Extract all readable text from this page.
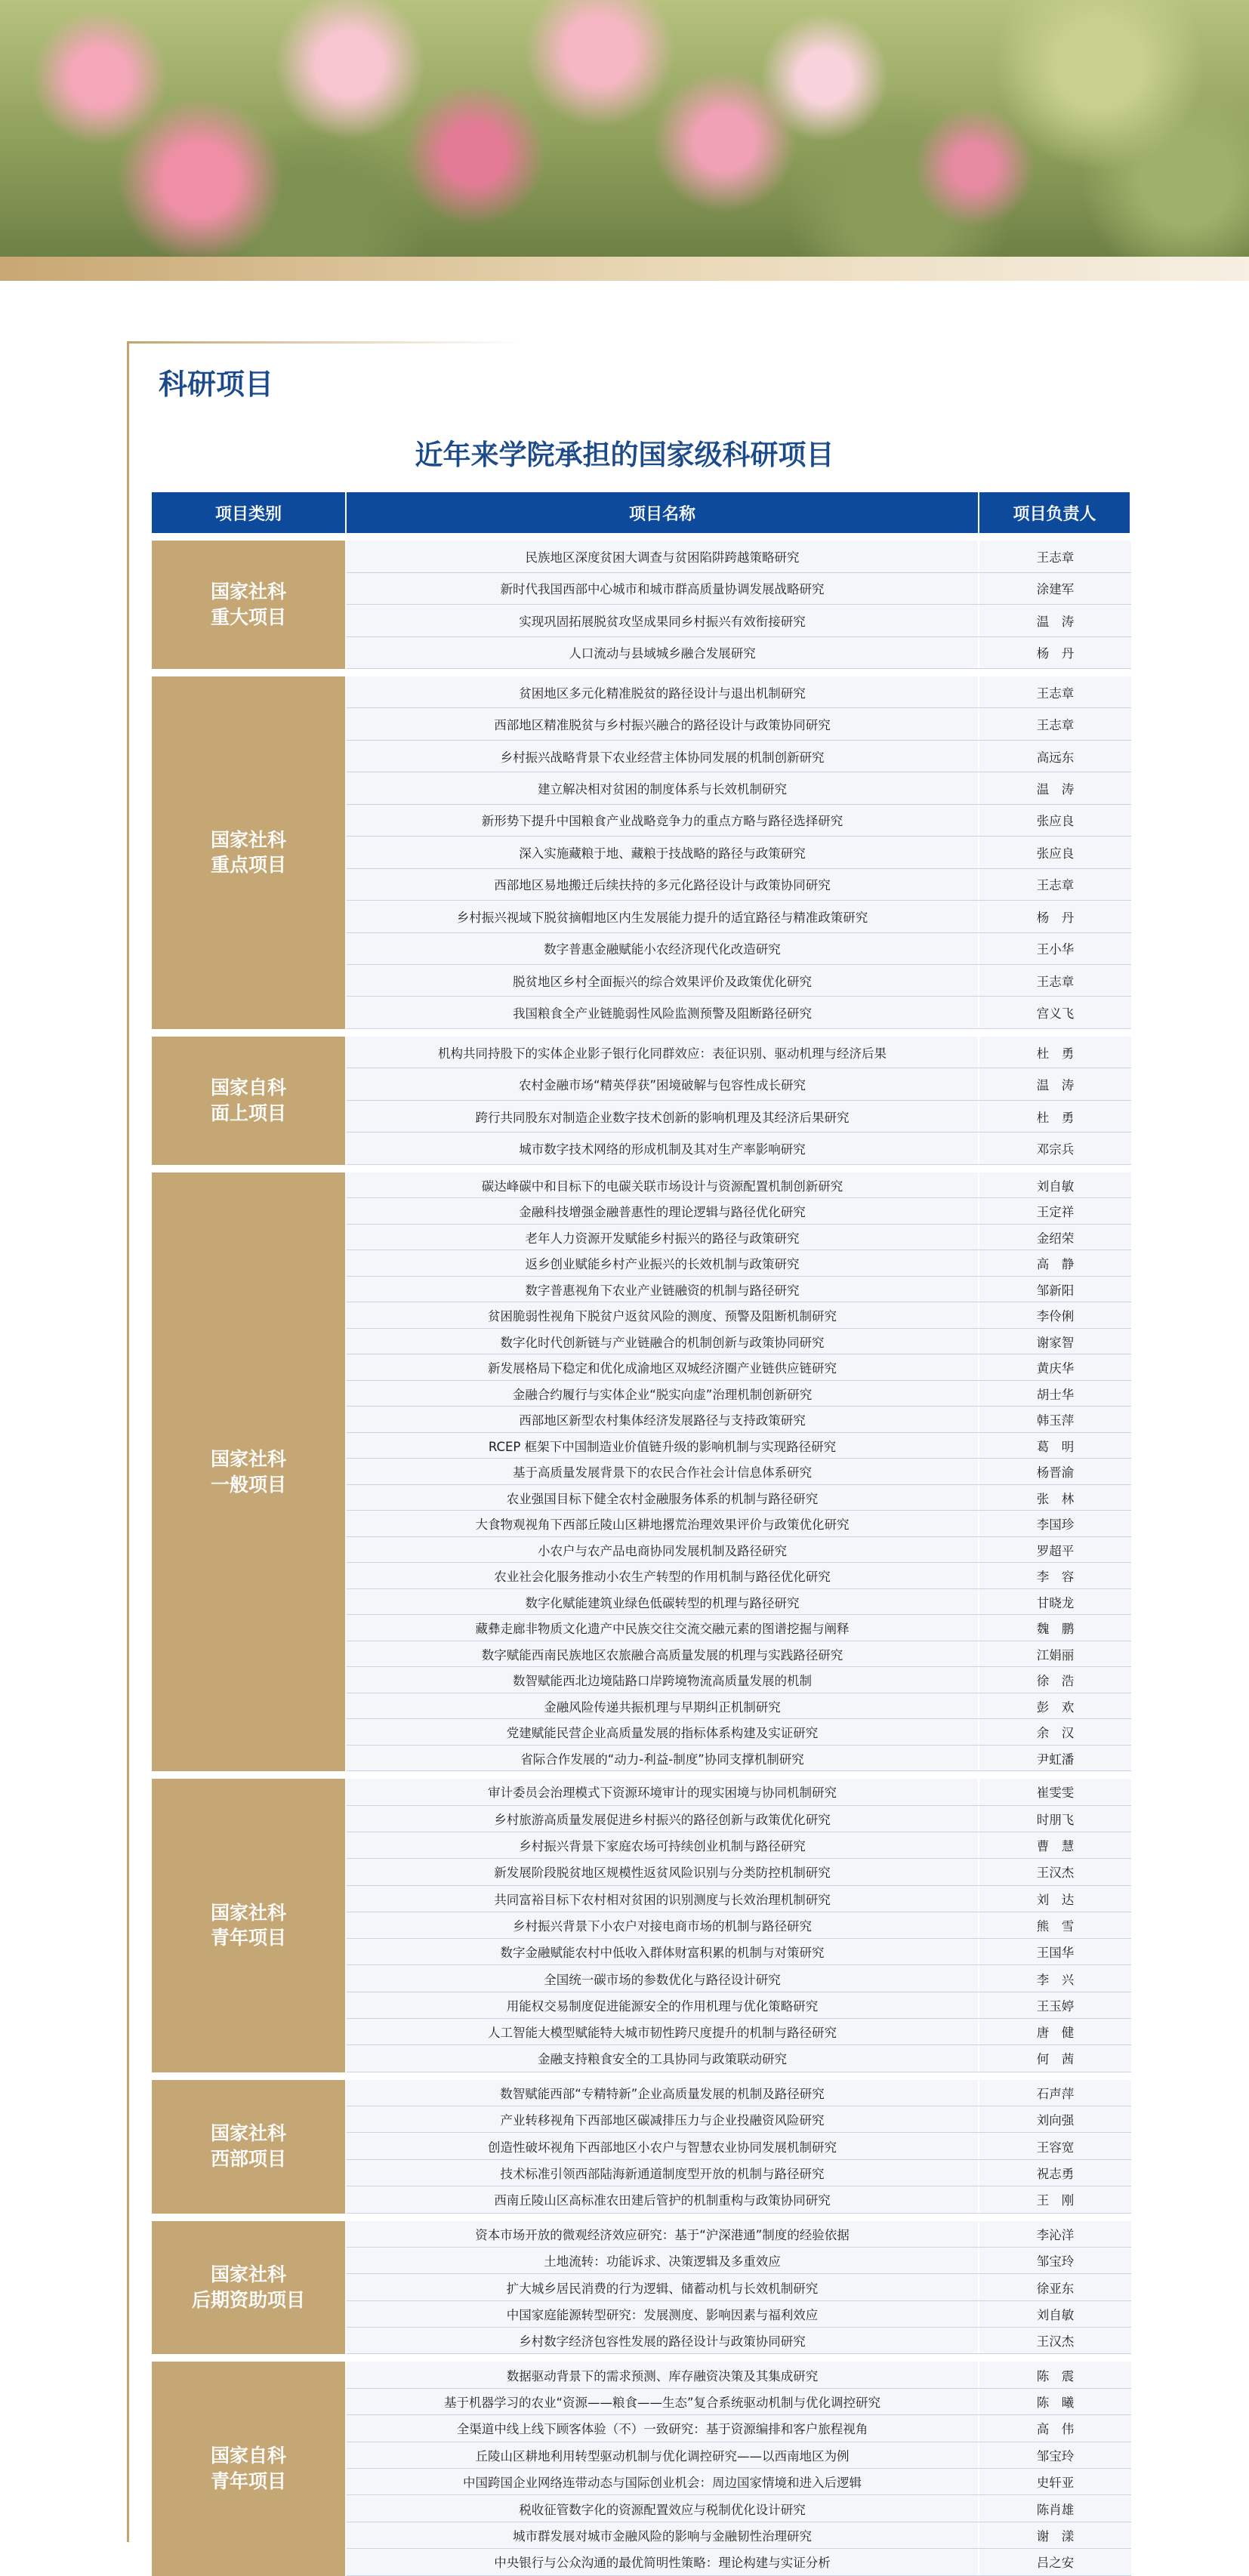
科研项目
近年来学院承担的国家级科研项目
项目类别	项目名称	项目负责人
国家社科
重大项目
民族地区深度贫困大调查与贫困陷阱跨越策略研究	王志章
新时代我国西部中心城市和城市群高质量协调发展战略研究	涂建军
实现巩固拓展脱贫攻坚成果同乡村振兴有效衔接研究	温　涛
人口流动与县域城乡融合发展研究	杨　丹
国家社科
重点项目
贫困地区多元化精准脱贫的路径设计与退出机制研究	王志章
西部地区精准脱贫与乡村振兴融合的路径设计与政策协同研究	王志章
乡村振兴战略背景下农业经营主体协同发展的机制创新研究	高远东
建立解决相对贫困的制度体系与长效机制研究	温　涛
新形势下提升中国粮食产业战略竞争力的重点方略与路径选择研究	张应良
深入实施藏粮于地、藏粮于技战略的路径与政策研究	张应良
西部地区易地搬迁后续扶持的多元化路径设计与政策协同研究	王志章
乡村振兴视域下脱贫摘帽地区内生发展能力提升的适宜路径与精准政策研究	杨　丹
数字普惠金融赋能小农经济现代化改造研究	王小华
脱贫地区乡村全面振兴的综合效果评价及政策优化研究	王志章
我国粮食全产业链脆弱性风险监测预警及阻断路径研究	宫义飞
国家自科
面上项目
机构共同持股下的实体企业影子银行化同群效应：表征识别、驱动机理与经济后果	杜　勇
农村金融市场“精英俘获”困境破解与包容性成长研究	温　涛
跨行共同股东对制造企业数字技术创新的影响机理及其经济后果研究	杜　勇
城市数字技术网络的形成机制及其对生产率影响研究	邓宗兵
国家社科
一般项目
碳达峰碳中和目标下的电碳关联市场设计与资源配置机制创新研究	刘自敏
金融科技增强金融普惠性的理论逻辑与路径优化研究	王定祥
老年人力资源开发赋能乡村振兴的路径与政策研究	金绍荣
返乡创业赋能乡村产业振兴的长效机制与政策研究	高　静
数字普惠视角下农业产业链融资的机制与路径研究	邹新阳
贫困脆弱性视角下脱贫户返贫风险的测度、预警及阻断机制研究	李伶俐
数字化时代创新链与产业链融合的机制创新与政策协同研究	谢家智
新发展格局下稳定和优化成渝地区双城经济圈产业链供应链研究	黄庆华
金融合约履行与实体企业“脱实向虚”治理机制创新研究	胡士华
西部地区新型农村集体经济发展路径与支持政策研究	韩玉萍
RCEP 框架下中国制造业价值链升级的影响机制与实现路径研究	葛　明
基于高质量发展背景下的农民合作社会计信息体系研究	杨晋渝
农业强国目标下健全农村金融服务体系的机制与路径研究	张　林
大食物观视角下西部丘陵山区耕地撂荒治理效果评价与政策优化研究	李国珍
小农户与农产品电商协同发展机制及路径研究	罗超平
农业社会化服务推动小农生产转型的作用机制与路径优化研究	李　容
数字化赋能建筑业绿色低碳转型的机理与路径研究	甘晓龙
藏彝走廊非物质文化遗产中民族交往交流交融元素的图谱挖掘与阐释	魏　鹏
数字赋能西南民族地区农旅融合高质量发展的机理与实践路径研究	江娟丽
数智赋能西北边境陆路口岸跨境物流高质量发展的机制	徐　浩
金融风险传递共振机理与早期纠正机制研究	彭　欢
党建赋能民营企业高质量发展的指标体系构建及实证研究	余　汉
省际合作发展的“动力-利益-制度”协同支撑机制研究	尹虹潘
国家社科
青年项目
审计委员会治理模式下资源环境审计的现实困境与协同机制研究	崔雯雯
乡村旅游高质量发展促进乡村振兴的路径创新与政策优化研究	时朋飞
乡村振兴背景下家庭农场可持续创业机制与路径研究	曹　慧
新发展阶段脱贫地区规模性返贫风险识别与分类防控机制研究	王汉杰
共同富裕目标下农村相对贫困的识别测度与长效治理机制研究	刘　达
乡村振兴背景下小农户对接电商市场的机制与路径研究	熊　雪
数字金融赋能农村中低收入群体财富积累的机制与对策研究	王国华
全国统一碳市场的参数优化与路径设计研究	李　兴
用能权交易制度促进能源安全的作用机理与优化策略研究	王玉婷
人工智能大模型赋能特大城市韧性跨尺度提升的机制与路径研究	唐　健
金融支持粮食安全的工具协同与政策联动研究	何　茜
国家社科
西部项目
数智赋能西部“专精特新”企业高质量发展的机制及路径研究	石声萍
产业转移视角下西部地区碳减排压力与企业投融资风险研究	刘向强
创造性破坏视角下西部地区小农户与智慧农业协同发展机制研究	王容宽
技术标准引领西部陆海新通道制度型开放的机制与路径研究	祝志勇
西南丘陵山区高标准农田建后管护的机制重构与政策协同研究	王　刚
国家社科
后期资助项目
资本市场开放的微观经济效应研究：基于“沪深港通”制度的经验依据	李沁洋
土地流转：功能诉求、决策逻辑及多重效应	邹宝玲
扩大城乡居民消费的行为逻辑、储蓄动机与长效机制研究	徐亚东
中国家庭能源转型研究：发展测度、影响因素与福利效应	刘自敏
乡村数字经济包容性发展的路径设计与政策协同研究	王汉杰
国家自科
青年项目
数据驱动背景下的需求预测、库存融资决策及其集成研究	陈　震
基于机器学习的农业“资源——粮食——生态”复合系统驱动机制与优化调控研究	陈　曦
全渠道中线上线下顾客体验（不）一致研究：基于资源编排和客户旅程视角	高　伟
丘陵山区耕地利用转型驱动机制与优化调控研究——以西南地区为例	邹宝玲
中国跨国企业网络连带动态与国际创业机会：周边国家情境和进入后逻辑	史轩亚
税收征管数字化的资源配置效应与税制优化设计研究	陈肖雄
城市群发展对城市金融风险的影响与金融韧性治理研究	谢　漾
中央银行与公众沟通的最优简明性策略：理论构建与实证分析	吕之安
